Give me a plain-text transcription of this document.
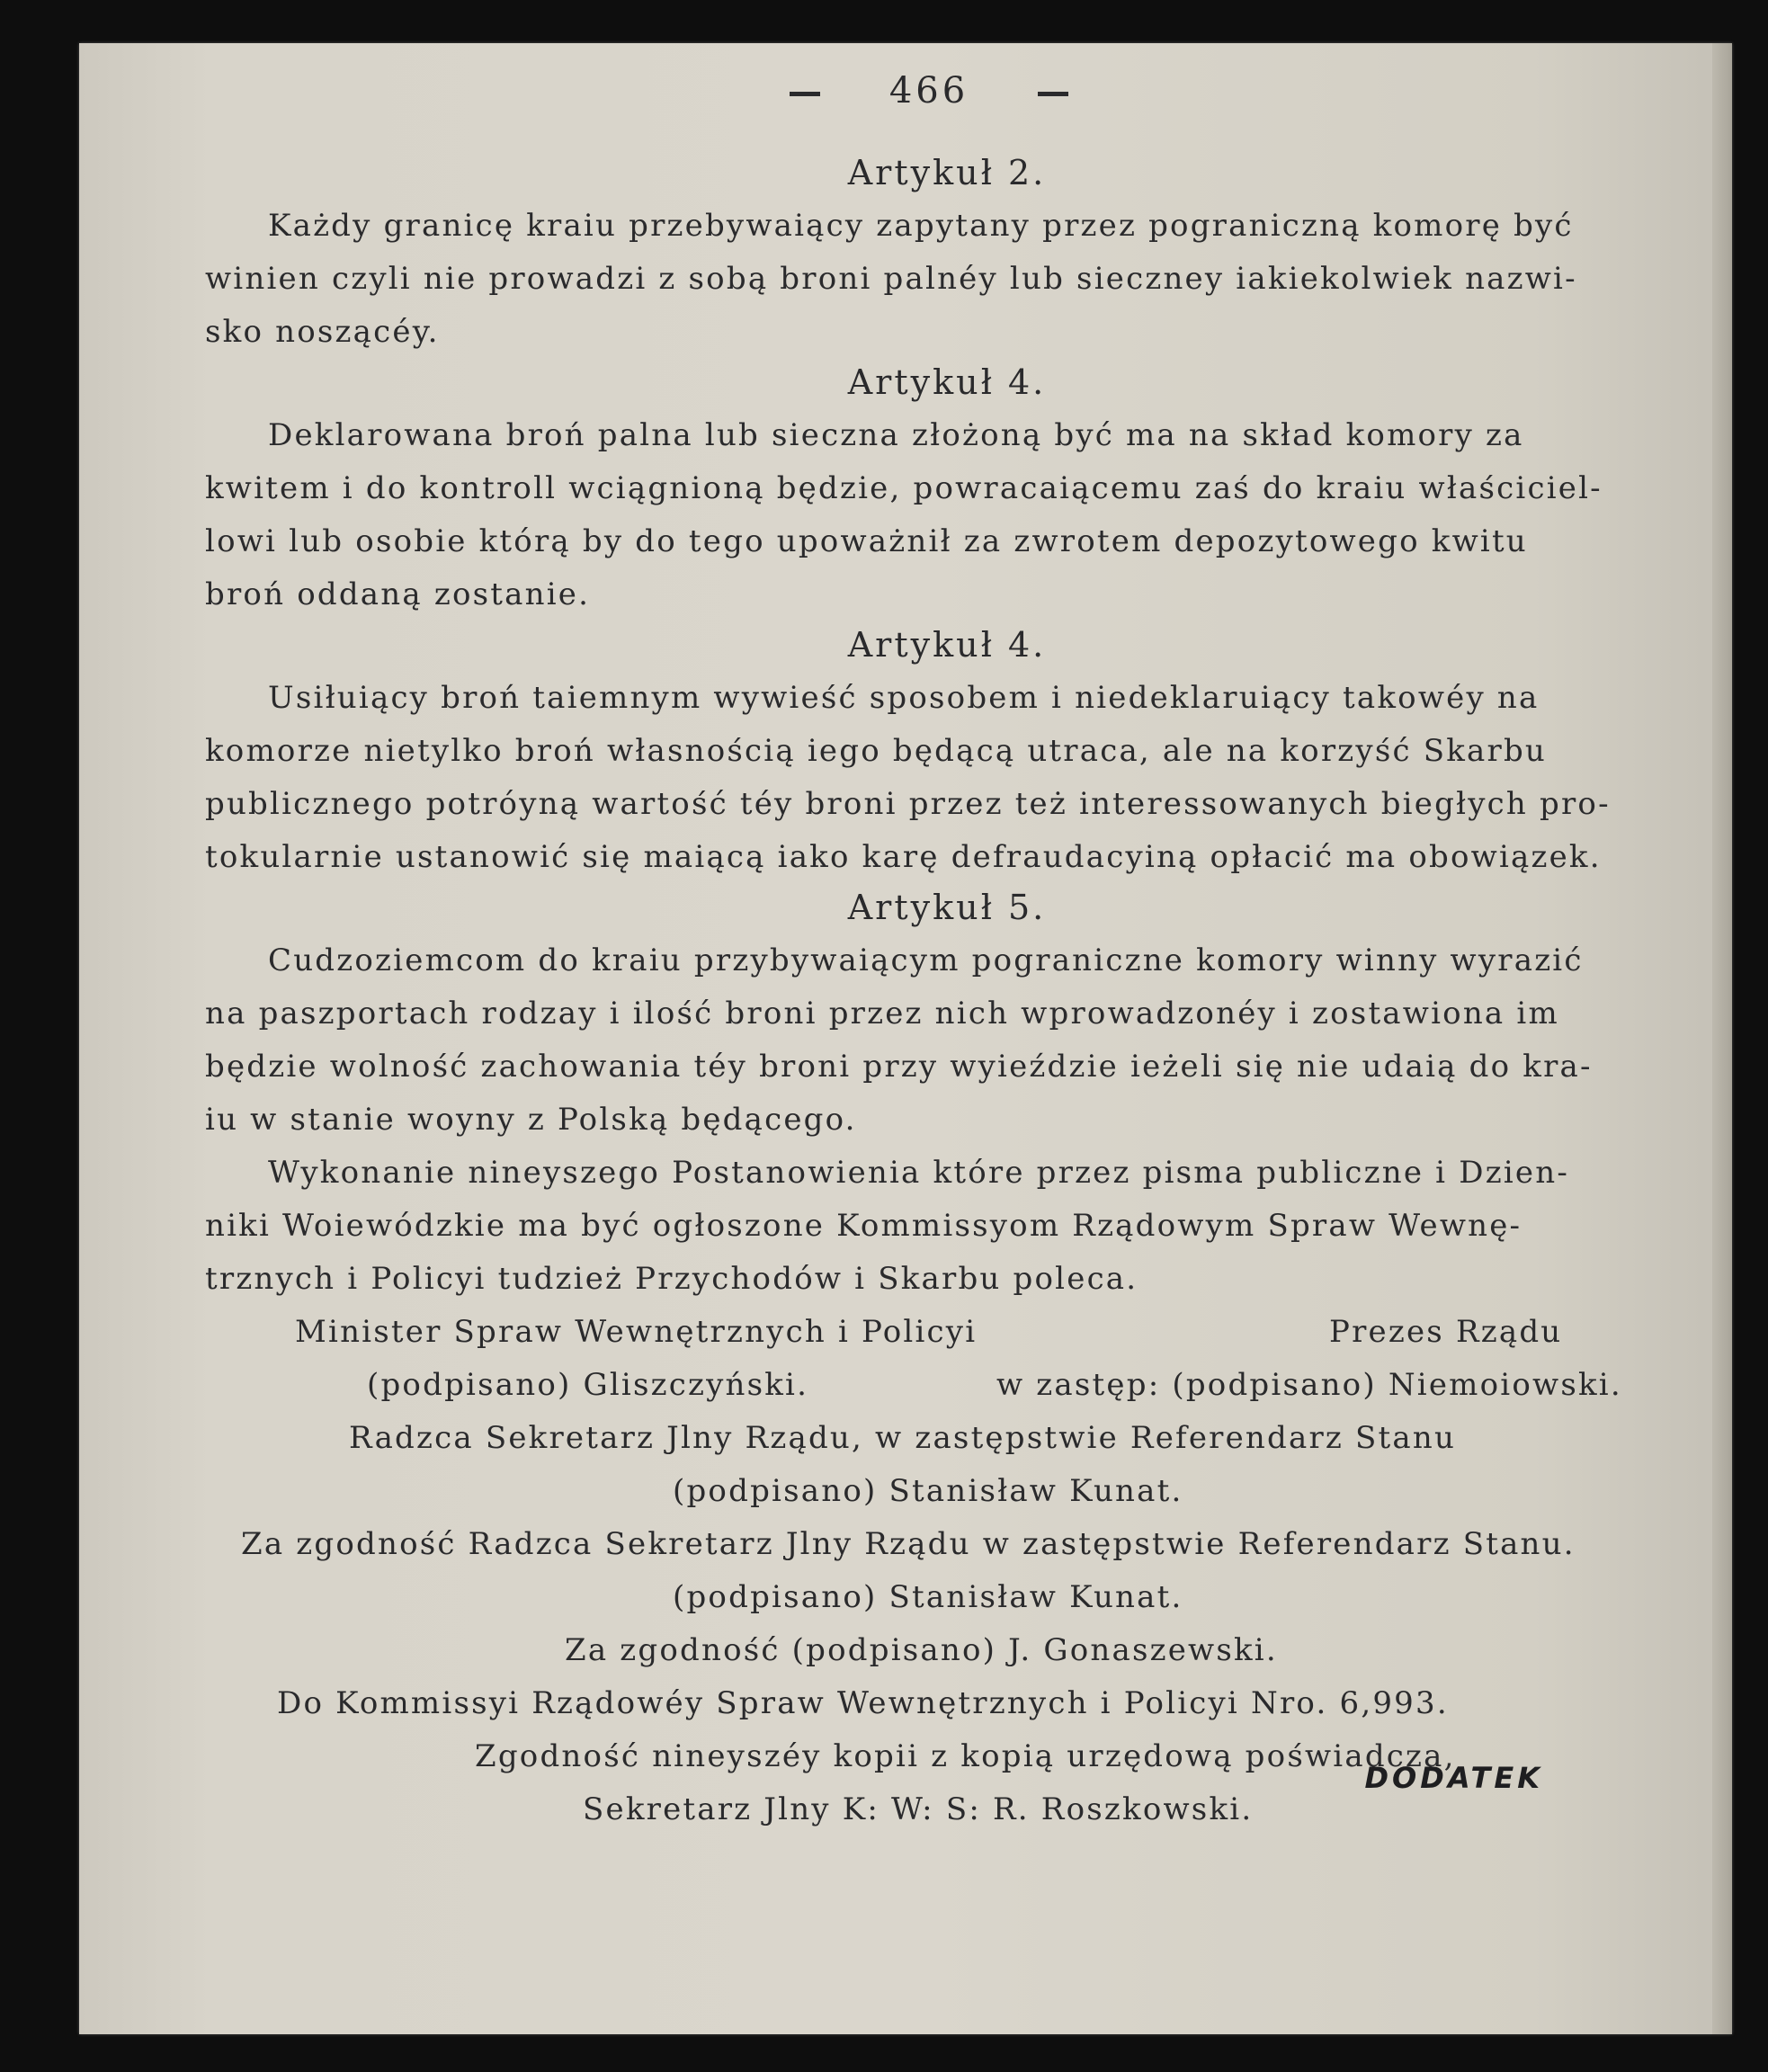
466
Artykuł 2.
Każdy granicę kraiu przebywaiący zapytany przez pograniczną komorę być
winien czyli nie prowadzi z sobą broni palnéy lub sieczney iakiekolwiek nazwi-
sko noszącéy.
Artykuł 4.
Deklarowana broń palna lub sieczna złożoną być ma na skład komory za
kwitem i do kontroll wciągnioną będzie, powracaiącemu zaś do kraiu właściciel-
lowi lub osobie którą by do tego upoważnił za zwrotem depozytowego kwitu
broń oddaną zostanie.
Artykuł 4.
Usiłuiący broń taiemnym wywieść sposobem i niedeklaruiący takowéy na
komorze nietylko broń własnością iego będącą utraca, ale na korzyść Skarbu
publicznego potróyną wartość téy broni przez też interessowanych biegłych pro-
tokularnie ustanowić się maiącą iako karę defraudacyiną opłacić ma obowiązek.
Artykuł 5.
Cudzoziemcom do kraiu przybywaiącym pograniczne komory winny wyrazić
na paszportach rodzay i ilość broni przez nich wprowadzonéy i zostawiona im
będzie wolność zachowania téy broni przy wyieździe ieżeli się nie udaią do kra-
iu w stanie woyny z Polską będącego.
Wykonanie nineyszego Postanowienia które przez pisma publiczne i Dzien-
niki Woiewódzkie ma być ogłoszone Kommissyom Rządowym Spraw Wewnę-
trznych i Policyi tudzież Przychodów i Skarbu poleca.
Minister Spraw Wewnętrznych i Policyi	Prezes Rządu
(podpisano) Gliszczyński.	w zastęp: (podpisano) Niemoiowski.
Radzca Sekretarz Jlny Rządu, w zastępstwie Referendarz Stanu
(podpisano) Stanisław Kunat.
Za zgodność Radzca Sekretarz Jlny Rządu w zastępstwie Referendarz Stanu.
(podpisano) Stanisław Kunat.
Za zgodność (podpisano) J. Gonaszewski.
Do Kommissyi Rządowéy Spraw Wewnętrznych i Policyi Nro. 6,993.
Zgodność nineyszéy kopii z kopią urzędową poświadcza,
Sekretarz Jlny K: W: S: R. Roszkowski.
DODATEK
